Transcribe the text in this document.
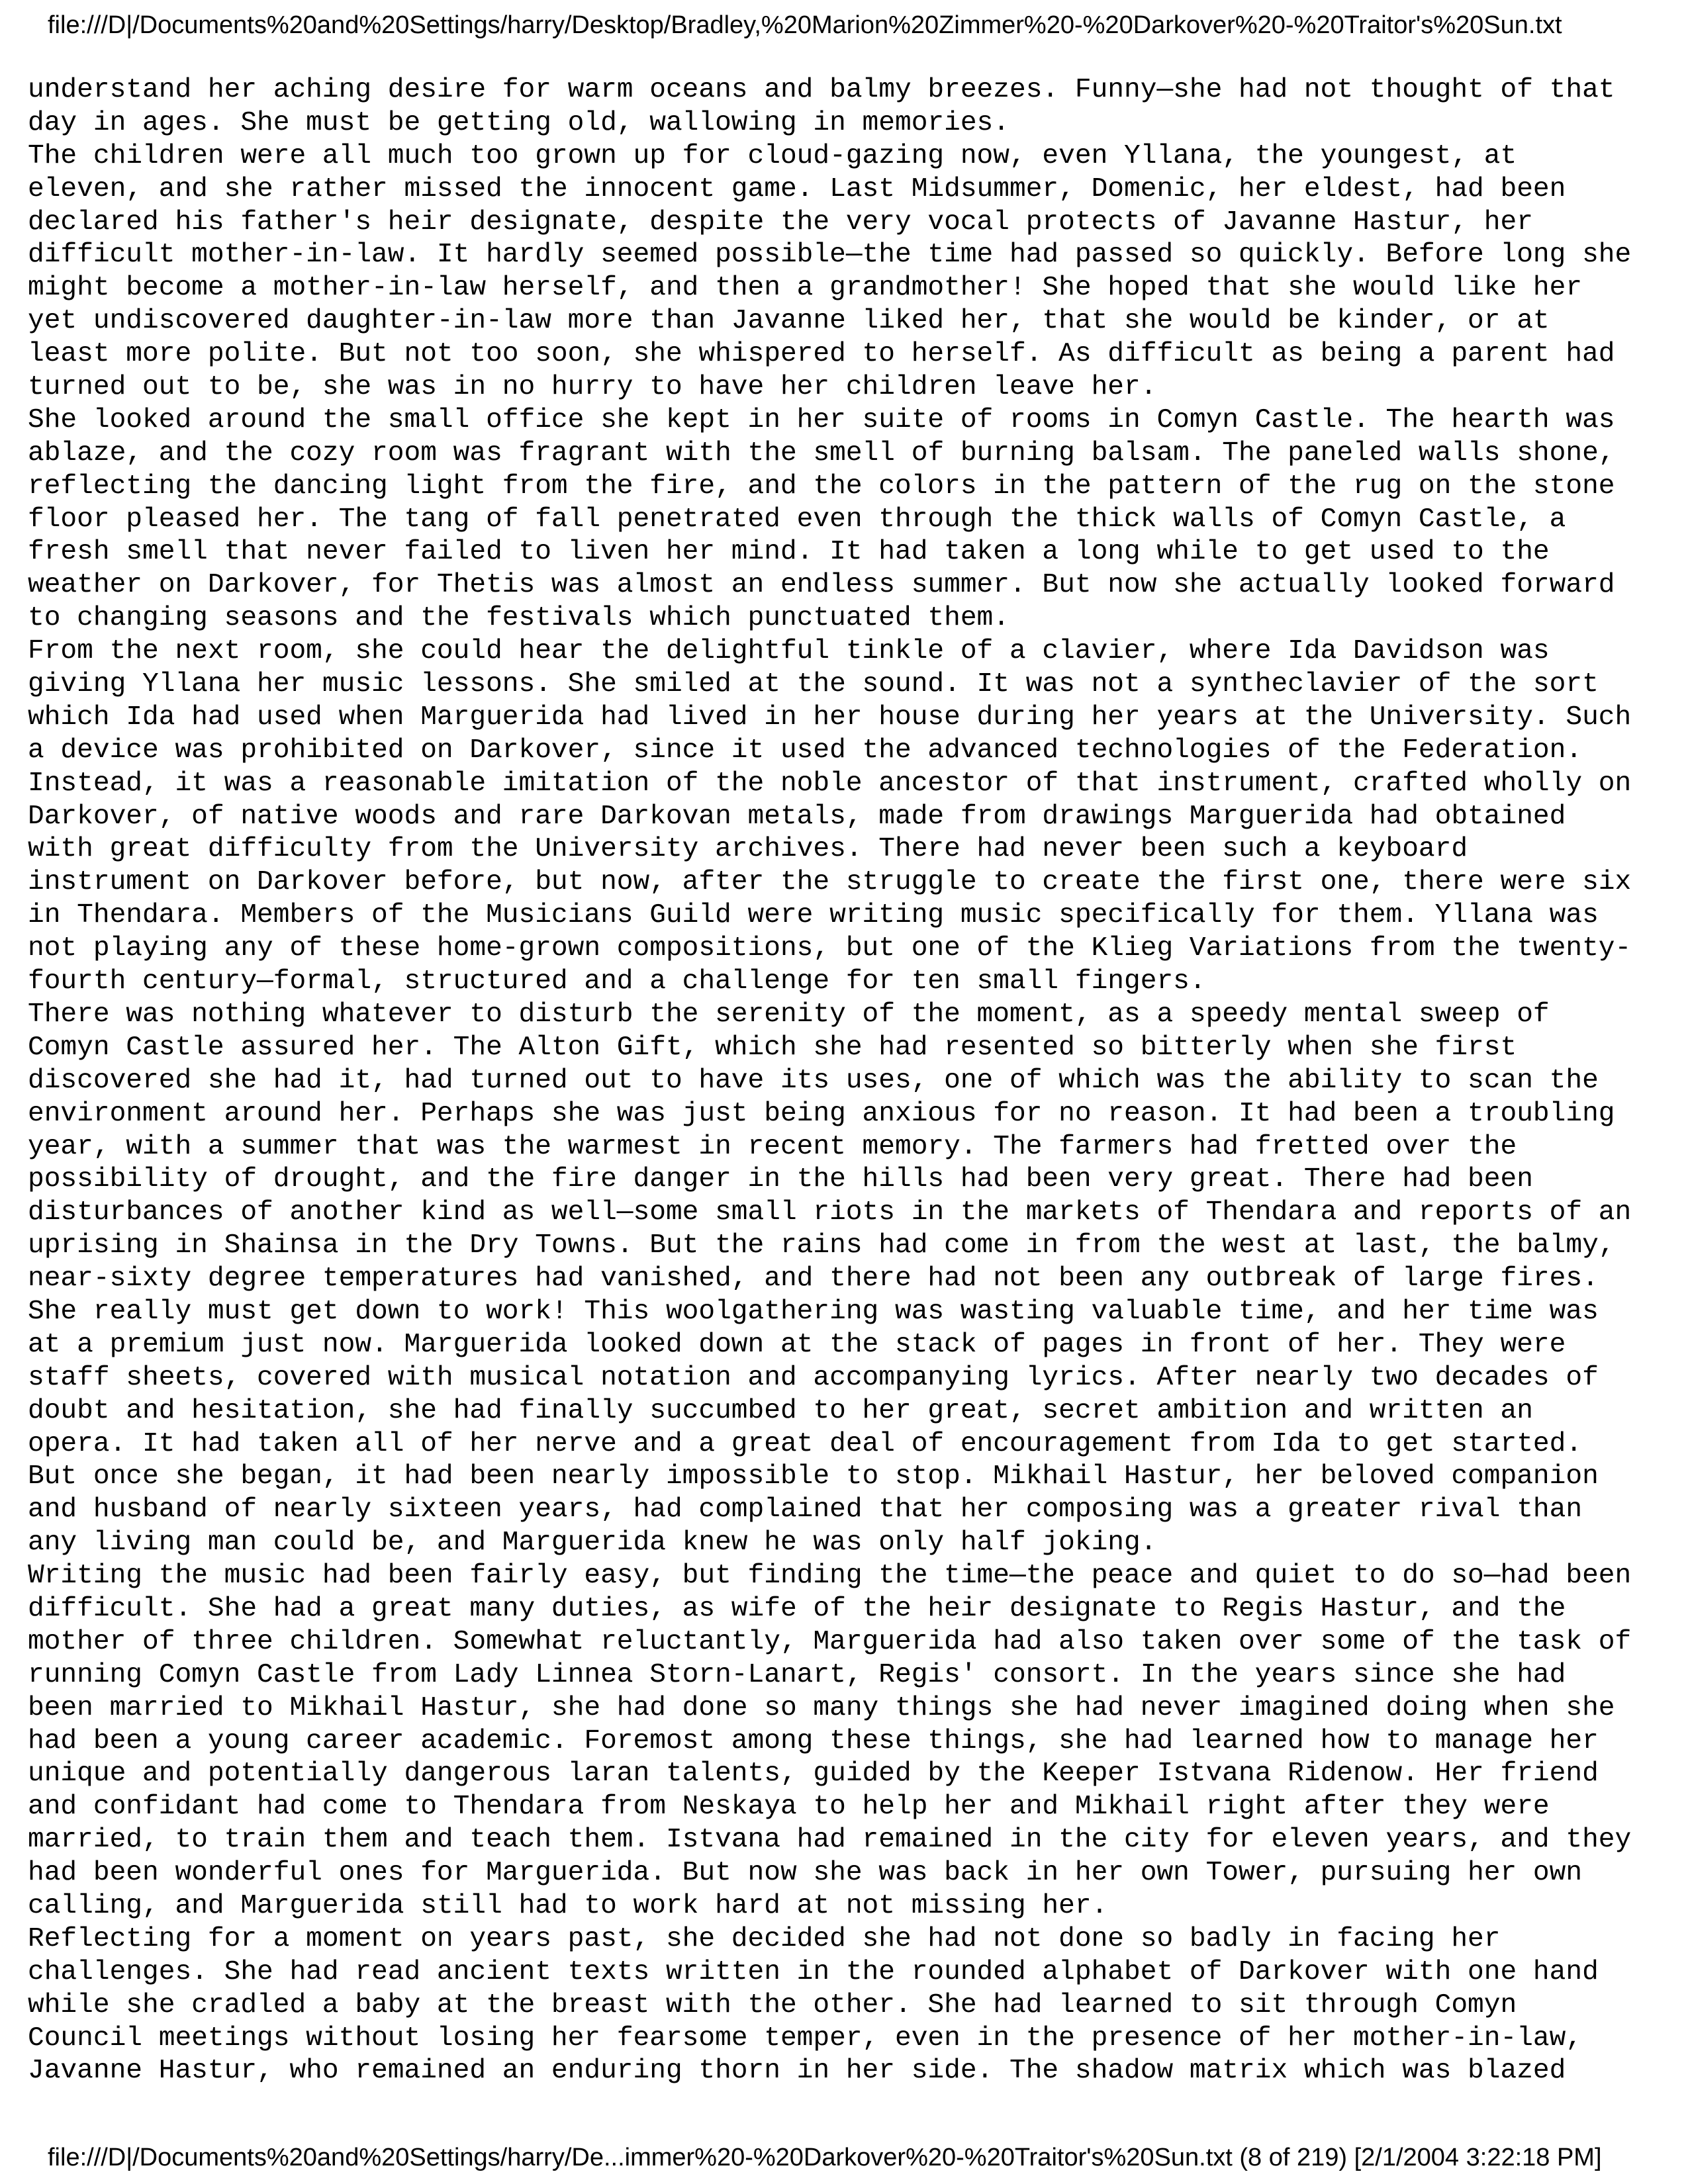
file:///D|/Documents%20and%20Settings/harry/Desktop/Bradley,%20Marion%20Zimmer%20-%20Darkover%20-%20Traitor's%20Sun.txt
understand her aching desire for warm oceans and balmy breezes. Funny—she had not thought of that
day in ages. She must be getting old, wallowing in memories.
The children were all much too grown up for cloud-gazing now, even Yllana, the youngest, at
eleven, and she rather missed the innocent game. Last Midsummer, Domenic, her eldest, had been
declared his father's heir designate, despite the very vocal protects of Javanne Hastur, her
difficult mother-in-law. It hardly seemed possible—the time had passed so quickly. Before long she
might become a mother-in-law herself, and then a grandmother! She hoped that she would like her
yet undiscovered daughter-in-law more than Javanne liked her, that she would be kinder, or at
least more polite. But not too soon, she whispered to herself. As difficult as being a parent had
turned out to be, she was in no hurry to have her children leave her.
She looked around the small office she kept in her suite of rooms in Comyn Castle. The hearth was
ablaze, and the cozy room was fragrant with the smell of burning balsam. The paneled walls shone,
reflecting the dancing light from the fire, and the colors in the pattern of the rug on the stone
floor pleased her. The tang of fall penetrated even through the thick walls of Comyn Castle, a
fresh smell that never failed to liven her mind. It had taken a long while to get used to the
weather on Darkover, for Thetis was almost an endless summer. But now she actually looked forward
to changing seasons and the festivals which punctuated them.
From the next room, she could hear the delightful tinkle of a clavier, where Ida Davidson was
giving Yllana her music lessons. She smiled at the sound. It was not a syntheclavier of the sort
which Ida had used when Marguerida had lived in her house during her years at the University. Such
a device was prohibited on Darkover, since it used the advanced technologies of the Federation.
Instead, it was a reasonable imitation of the noble ancestor of that instrument, crafted wholly on
Darkover, of native woods and rare Darkovan metals, made from drawings Marguerida had obtained
with great difficulty from the University archives. There had never been such a keyboard
instrument on Darkover before, but now, after the struggle to create the first one, there were six
in Thendara. Members of the Musicians Guild were writing music specifically for them. Yllana was
not playing any of these home-grown compositions, but one of the Klieg Variations from the twenty-
fourth century—formal, structured and a challenge for ten small fingers.
There was nothing whatever to disturb the serenity of the moment, as a speedy mental sweep of
Comyn Castle assured her. The Alton Gift, which she had resented so bitterly when she first
discovered she had it, had turned out to have its uses, one of which was the ability to scan the
environment around her. Perhaps she was just being anxious for no reason. It had been a troubling
year, with a summer that was the warmest in recent memory. The farmers had fretted over the
possibility of drought, and the fire danger in the hills had been very great. There had been
disturbances of another kind as well—some small riots in the markets of Thendara and reports of an
uprising in Shainsa in the Dry Towns. But the rains had come in from the west at last, the balmy,
near-sixty degree temperatures had vanished, and there had not been any outbreak of large fires.
She really must get down to work! This woolgathering was wasting valuable time, and her time was
at a premium just now. Marguerida looked down at the stack of pages in front of her. They were
staff sheets, covered with musical notation and accompanying lyrics. After nearly two decades of
doubt and hesitation, she had finally succumbed to her great, secret ambition and written an
opera. It had taken all of her nerve and a great deal of encouragement from Ida to get started.
But once she began, it had been nearly impossible to stop. Mikhail Hastur, her beloved companion
and husband of nearly sixteen years, had complained that her composing was a greater rival than
any living man could be, and Marguerida knew he was only half joking.
Writing the music had been fairly easy, but finding the time—the peace and quiet to do so—had been
difficult. She had a great many duties, as wife of the heir designate to Regis Hastur, and the
mother of three children. Somewhat reluctantly, Marguerida had also taken over some of the task of
running Comyn Castle from Lady Linnea Storn-Lanart, Regis' consort. In the years since she had
been married to Mikhail Hastur, she had done so many things she had never imagined doing when she
had been a young career academic. Foremost among these things, she had learned how to manage her
unique and potentially dangerous laran talents, guided by the Keeper Istvana Ridenow. Her friend
and confidant had come to Thendara from Neskaya to help her and Mikhail right after they were
married, to train them and teach them. Istvana had remained in the city for eleven years, and they
had been wonderful ones for Marguerida. But now she was back in her own Tower, pursuing her own
calling, and Marguerida still had to work hard at not missing her.
Reflecting for a moment on years past, she decided she had not done so badly in facing her
challenges. She had read ancient texts written in the rounded alphabet of Darkover with one hand
while she cradled a baby at the breast with the other. She had learned to sit through Comyn
Council meetings without losing her fearsome temper, even in the presence of her mother-in-law,
Javanne Hastur, who remained an enduring thorn in her side. The shadow matrix which was blazed
file:///D|/Documents%20and%20Settings/harry/De...immer%20-%20Darkover%20-%20Traitor's%20Sun.txt (8 of 219) [2/1/2004 3:22:18 PM]
